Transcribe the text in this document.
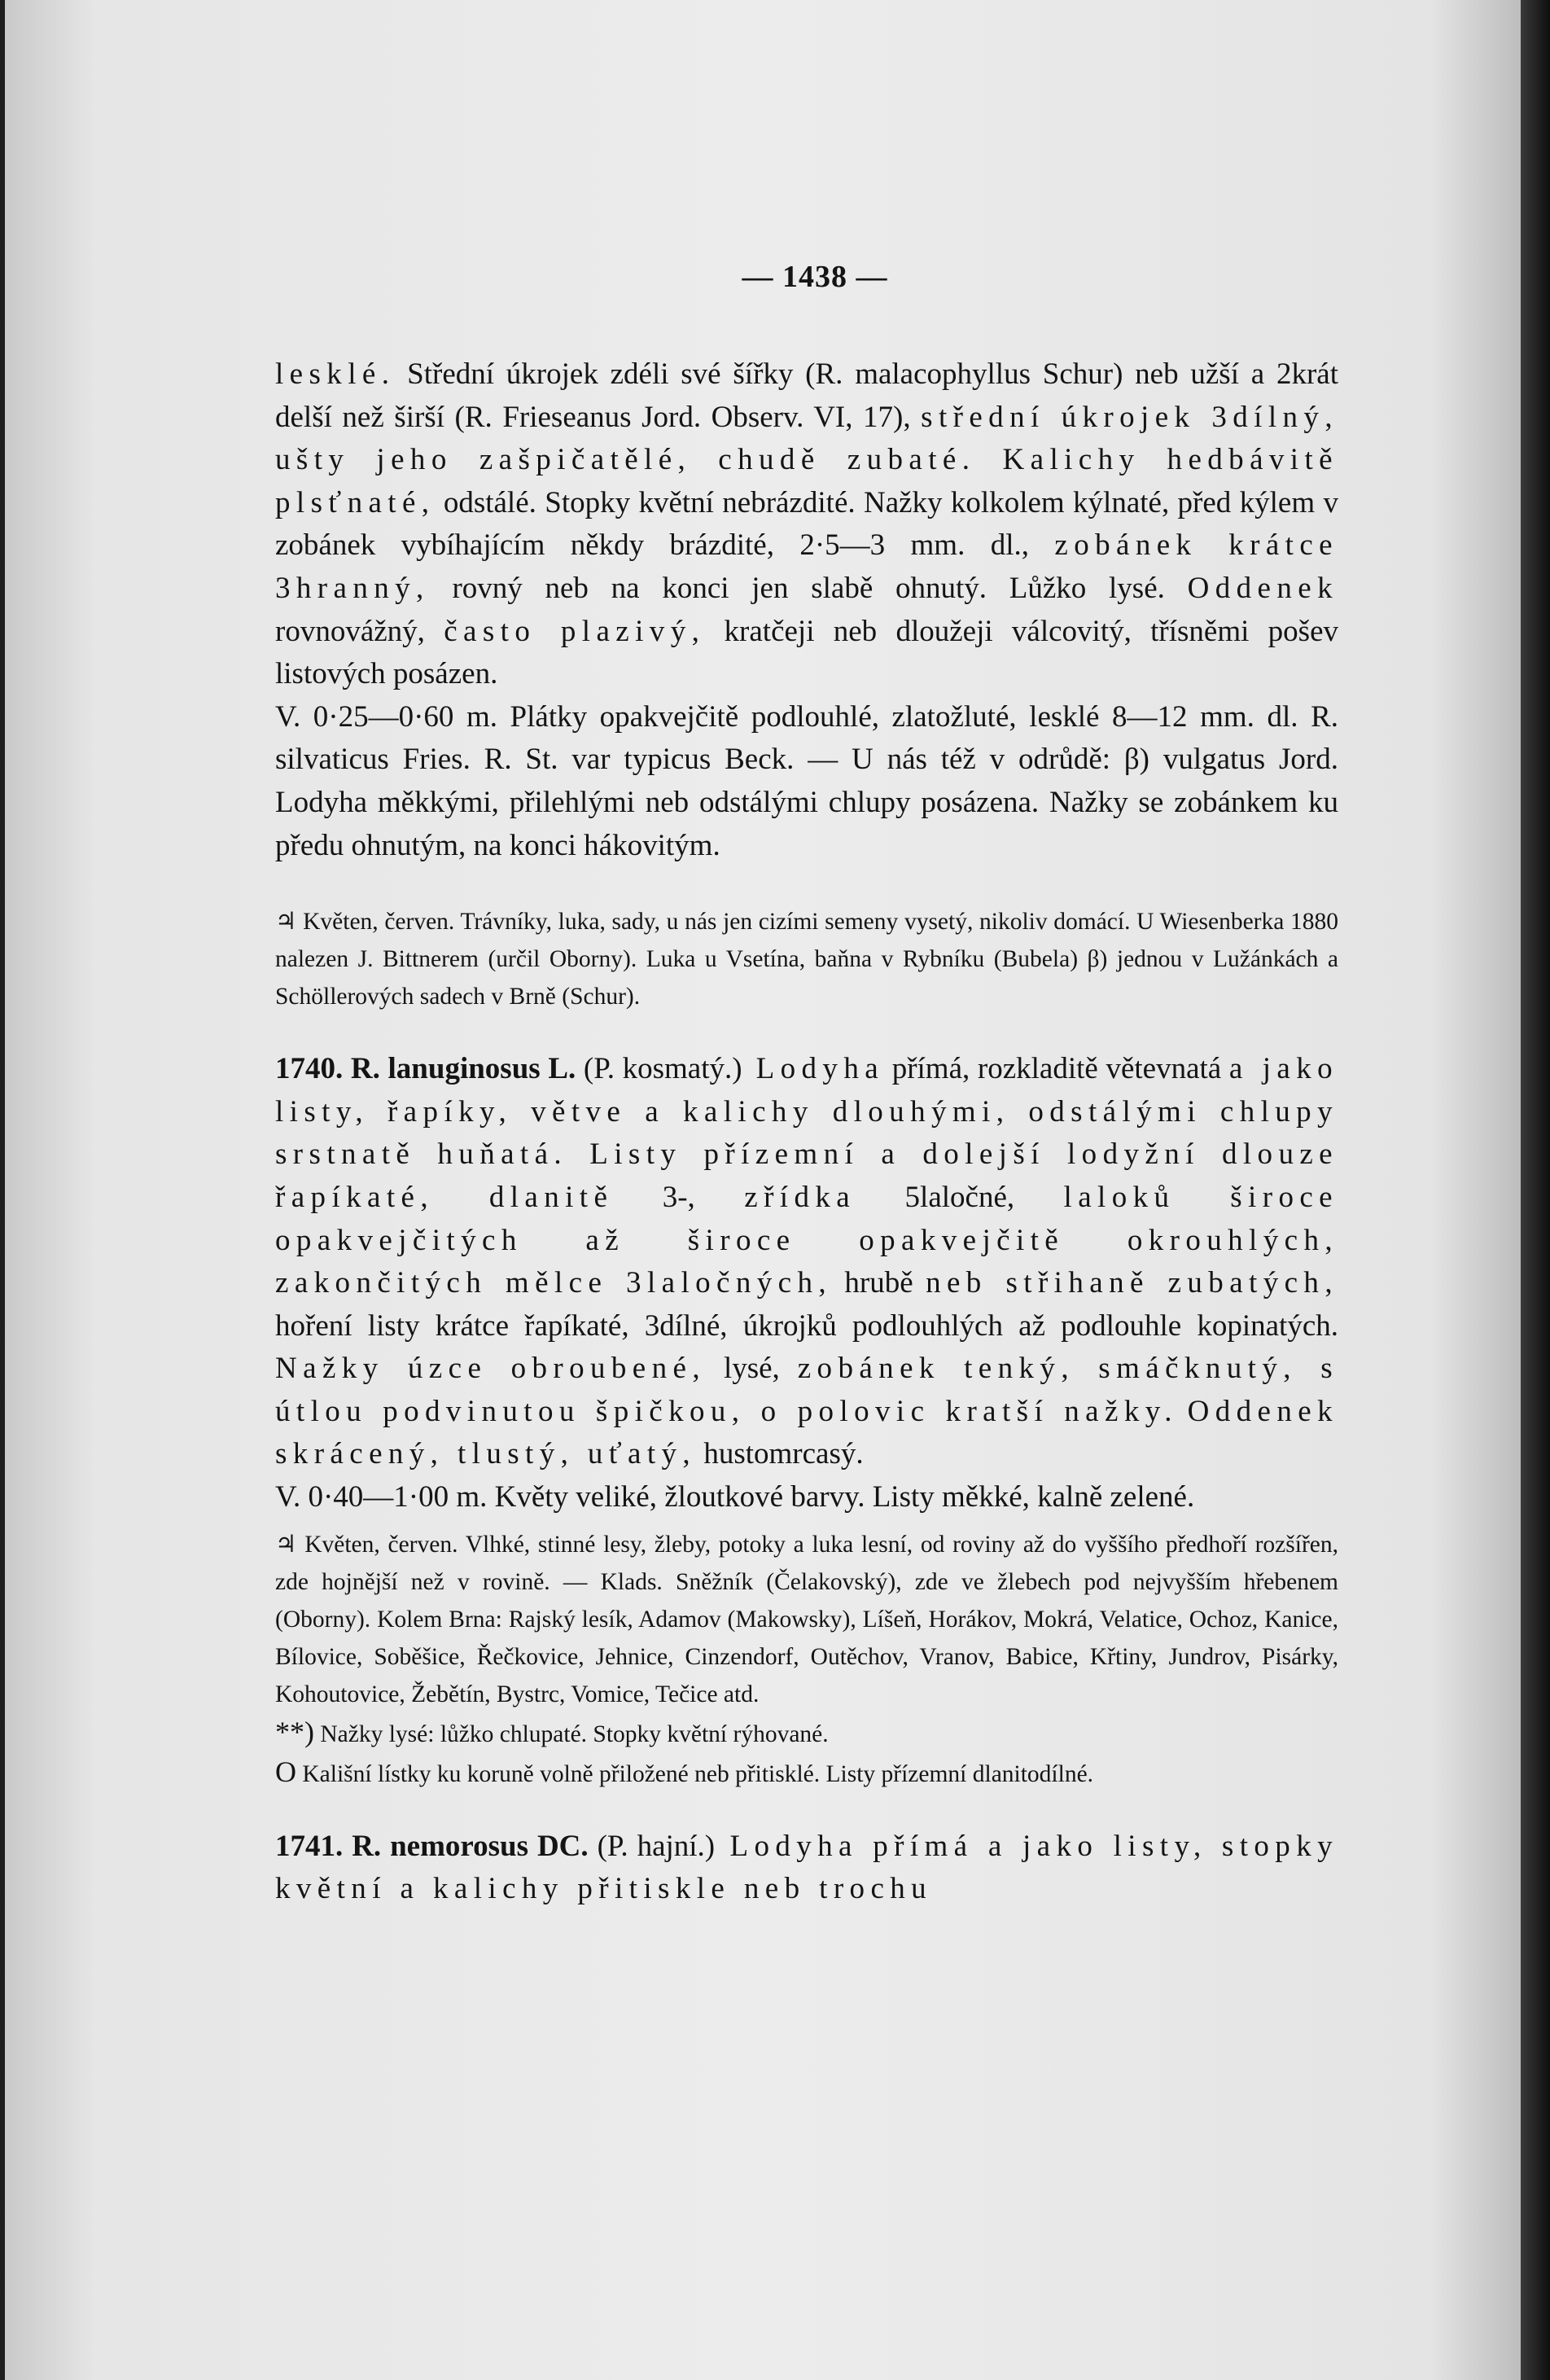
— 1438 —

lesklé. Střední úkrojek zdéli své šířky (R. malacophyllus Schur) neb užší a 2krát delší než širší (R. Frieseanus Jord. Observ. VI, 17), střední úkrojek 3dílný, ušty jeho zašpičatělé, chudě zubaté. Kalichy hedbávitě plsťnaté, odstálé. Stopky květní nebrázdité. Nažky kolkolem kýlnaté, před kýlem v zobánek vybíhajícím někdy brázdité, 2·5—3 mm. dl., zobánek krátce 3hranný, rovný neb na konci jen slabě ohnutý. Lůžko lysé. Oddenek rovnovážný, často plazivý, kratčeji neb dloužeji válcovitý, třísněmi pošev listových posázen.

V. 0·25—0·60 m. Plátky opakvejčitě podlouhlé, zlatožluté, lesklé 8—12 mm. dl. R. silvaticus Fries. R. St. var typicus Beck. — U nás též v odrůdě: β) vulgatus Jord. Lodyha měkkými, přilehlými neb odstálými chlupy posázena. Nažky se zobánkem ku předu ohnutým, na konci hákovitým.

♃ Květen, červen. Trávníky, luka, sady, u nás jen cizími semeny vysetý, nikoliv domácí. U Wiesenberka 1880 nalezen J. Bittnerem (určil Oborny). Luka u Vsetína, baňna v Rybníku (Bubela) β) jednou v Lužánkách a Schöllerových sadech v Brně (Schur).

1740. R. lanuginosus L. (P. kosmatý.) Lodyha přímá, rozkladitě větevnatá a jako listy, řapíky, větve a kalichy dlouhými, odstálými chlupy srstnatě huňatá. Listy přízemní a dolejší lodyžní dlouze řapíkaté, dlanitě 3-, zřídka 5laločné, laloků široce opakvejčitých až široce opakvejčitě okrouhlých, zakončitých mělce 3laločných, hrubě neb střihaně zubatých, hoření listy krátce řapíkaté, 3dílné, úkrojků podlouhlých až podlouhle kopinatých. Nažky úzce obroubené, lysé, zobánek tenký, smáčknutý, s útlou podvinutou špičkou, o polovic kratší nažky. Oddenek skrácený, tlustý, uťatý, hustomrcasý.

V. 0·40—1·00 m. Květy veliké, žloutkové barvy. Listy měkké, kalně zelené.

♃ Květen, červen. Vlhké, stinné lesy, žleby, potoky a luka lesní, od roviny až do vyššího předhoří rozšířen, zde hojnější než v rovině. — Klads. Sněžník (Čelakovský), zde ve žlebech pod nejvyšším hřebenem (Oborny). Kolem Brna: Rajský lesík, Adamov (Makowsky), Líšeň, Horákov, Mokrá, Velatice, Ochoz, Kanice, Bílovice, Soběšice, Řečkovice, Jehnice, Cinzendorf, Outěchov, Vranov, Babice, Křtiny, Jundrov, Pisárky, Kohoutovice, Žebětín, Bystrc, Vomice, Tečice atd.

**) Nažky lysé: lůžko chlupaté. Stopky květní rýhované.

O Kališní lístky ku koruně volně přiložené neb přitisklé. Listy přízemní dlanitodílné.

1741. R. nemorosus DC. (P. hajní.) Lodyha přímá a jako listy, stopky květní a kalichy přitiskle neb trochu
